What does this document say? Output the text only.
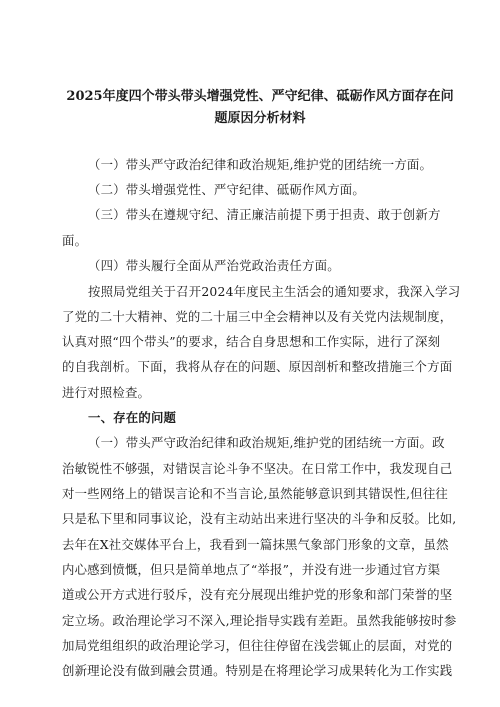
2025年度四个带头带头增强党性、严守纪律、砥砺作风方面存在问
题原因分析材料
（一）带头严守政治纪律和政治规矩,维护党的团结统一方面。
（二）带头增强党性、严守纪律、砥砺作风方面。
（三）带头在遵规守纪、清正廉洁前提下勇于担责、敢于创新方
面。
（四）带头履行全面从严治党政治责任方面。
按照局党组关于召开2024年度民主生活会的通知要求，我深入学习
了党的二十大精神、党的二十届三中全会精神以及有关党内法规制度，
认真对照“四个带头”的要求，结合自身思想和工作实际，进行了深刻
的自我剖析。下面，我将从存在的问题、原因剖析和整改措施三个方面
进行对照检查。
一、存在的问题
（一）带头严守政治纪律和政治规矩,维护党的团结统一方面。政
治敏锐性不够强，对错误言论斗争不坚决。在日常工作中，我发现自己
对一些网络上的错误言论和不当言论,虽然能够意识到其错误性,但往往
只是私下里和同事议论，没有主动站出来进行坚决的斗争和反驳。比如,
去年在X社交媒体平台上，我看到一篇抹黑气象部门形象的文章，虽然
内心感到愤慨，但只是简单地点了“举报”，并没有进一步通过官方渠
道或公开方式进行驳斥，没有充分展现出维护党的形象和部门荣誉的坚
定立场。政治理论学习不深入,理论指导实践有差距。虽然我能够按时参
加局党组组织的政治理论学习，但往往停留在浅尝辄止的层面，对党的
创新理论没有做到融会贯通。特别是在将理论学习成果转化为工作实践
